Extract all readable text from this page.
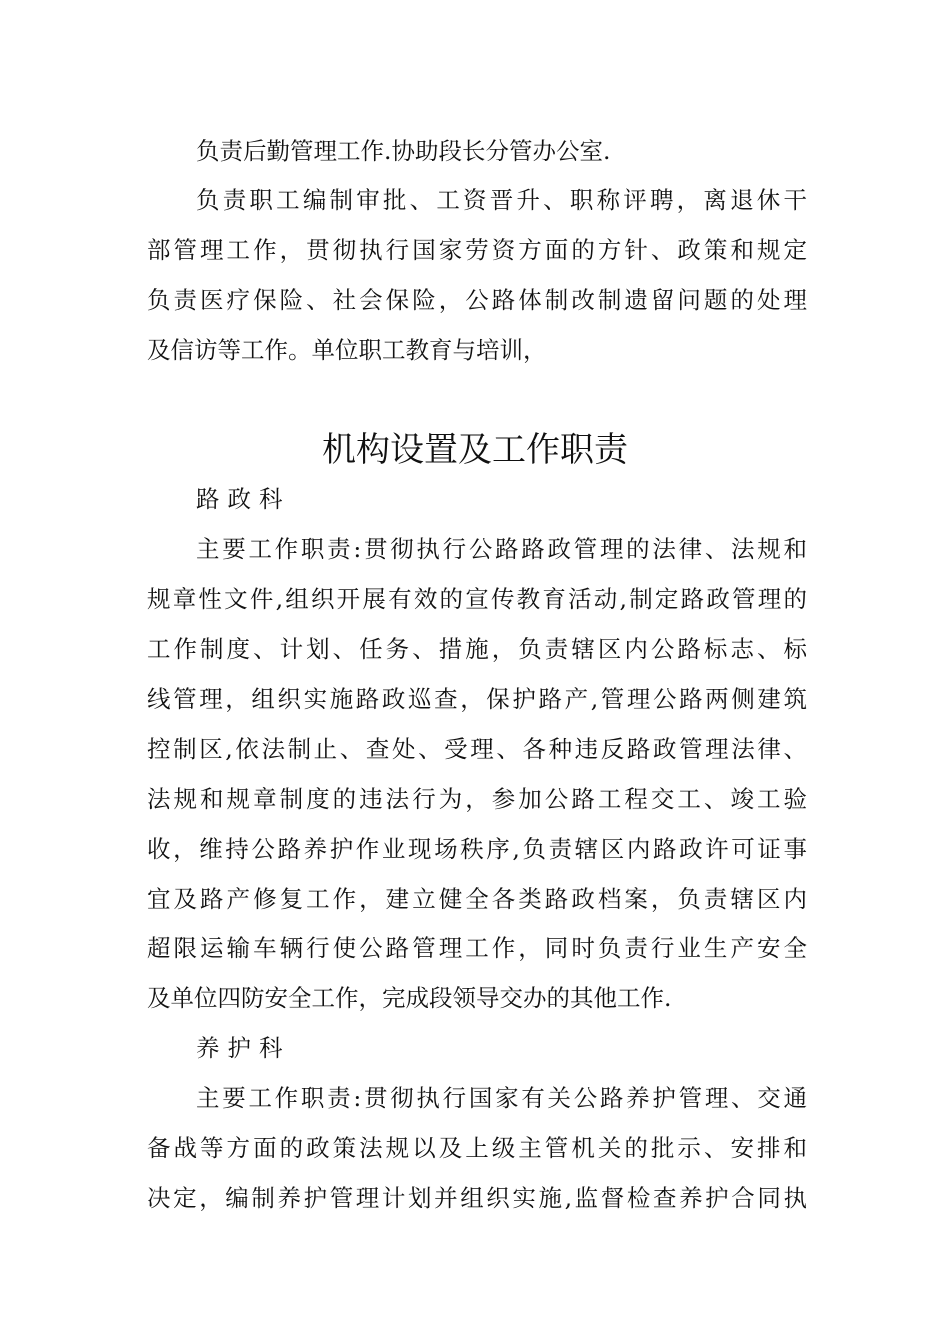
负责后勤管理工作.协助段长分管办公室.
负责职工编制审批、工资晋升、职称评聘，离退休干
部管理工作，贯彻执行国家劳资方面的方针、政策和规定
负责医疗保险、社会保险，公路体制改制遗留问题的处理
及信访等工作。单位职工教育与培训，
机构设置及工作职责
路政科
主要工作职责:贯彻执行公路路政管理的法律、法规和
规章性文件,组织开展有效的宣传教育活动,制定路政管理的
工作制度、计划、任务、措施，负责辖区内公路标志、标
线管理，组织实施路政巡查，保护路产,管理公路两侧建筑
控制区,依法制止、查处、受理、各种违反路政管理法律、
法规和规章制度的违法行为，参加公路工程交工、竣工验
收，维持公路养护作业现场秩序,负责辖区内路政许可证事
宜及路产修复工作，建立健全各类路政档案，负责辖区内
超限运输车辆行使公路管理工作，同时负责行业生产安全
及单位四防安全工作，完成段领导交办的其他工作.
养护科
主要工作职责:贯彻执行国家有关公路养护管理、交通
备战等方面的政策法规以及上级主管机关的批示、安排和
决定，编制养护管理计划并组织实施,监督检查养护合同执
